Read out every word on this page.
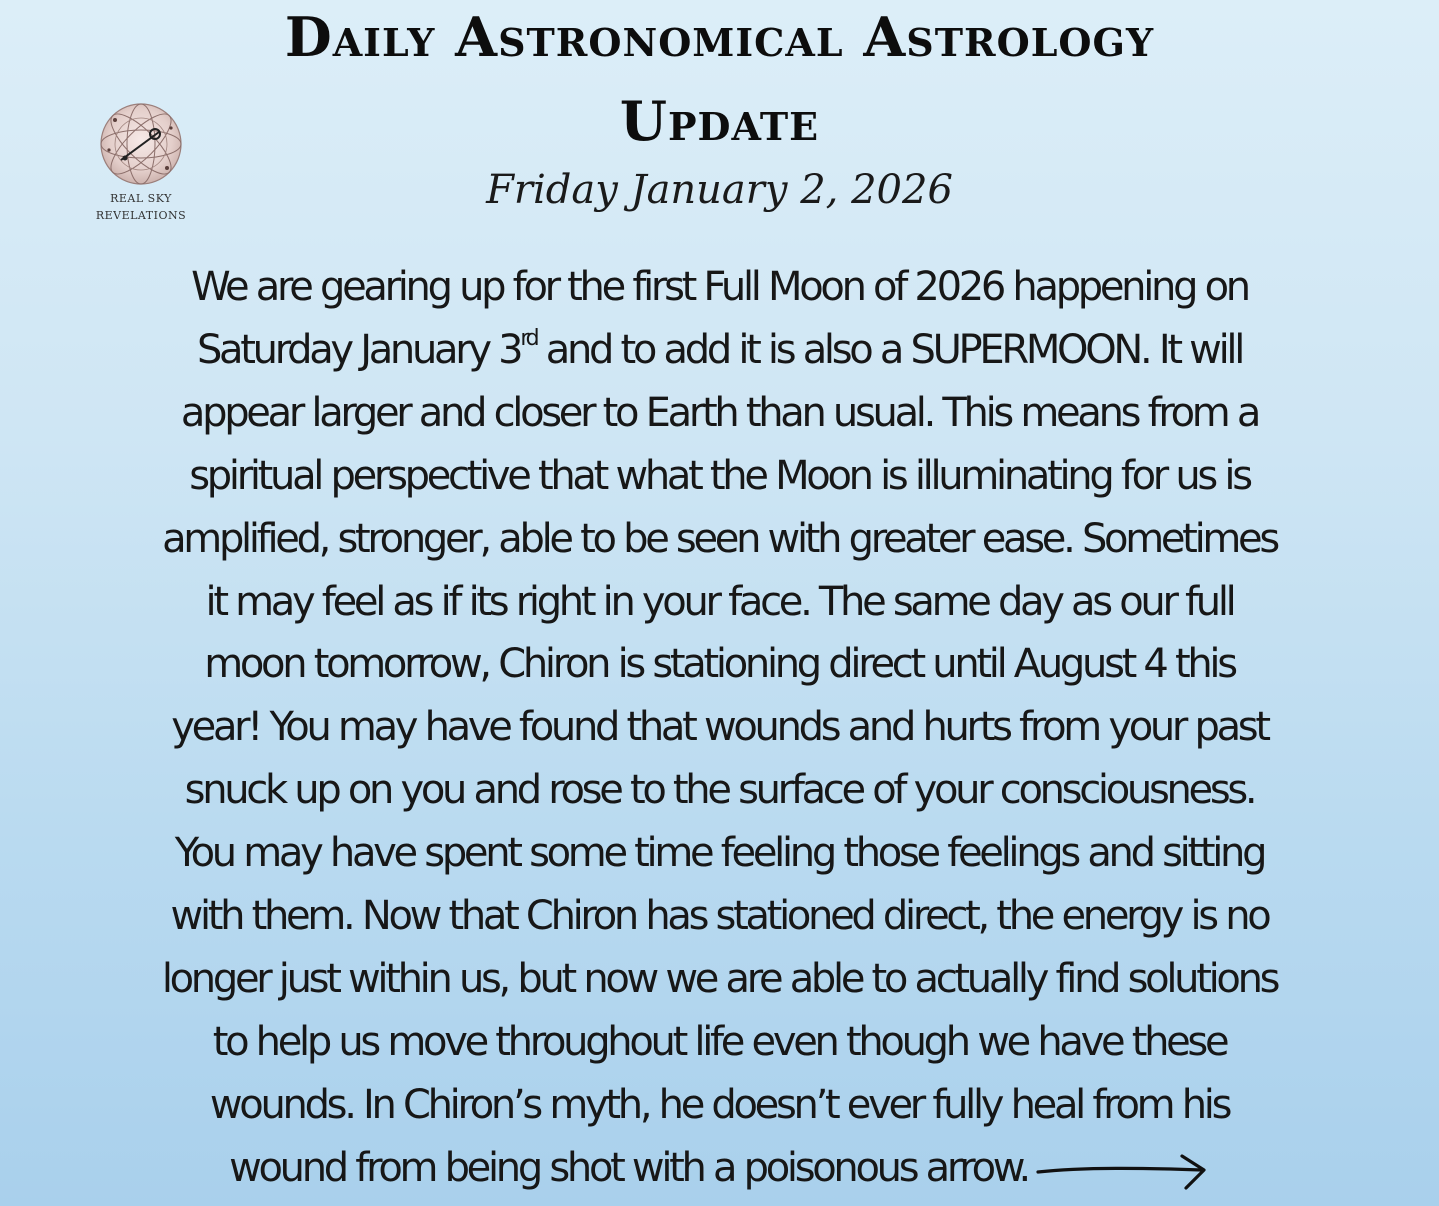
Daily Astronomical Astrology
Update
Friday January 2, 2026
REAL SKY
REVELATIONS
We are gearing up for the first Full Moon of 2026 happening on
Saturday January 3rd and to add it is also a SUPERMOON. It will
appear larger and closer to Earth than usual. This means from a
spiritual perspective that what the Moon is illuminating for us is
amplified, stronger, able to be seen with greater ease. Sometimes
it may feel as if its right in your face. The same day as our full
moon tomorrow, Chiron is stationing direct until August 4 this
year! You may have found that wounds and hurts from your past
snuck up on you and rose to the surface of your consciousness.
You may have spent some time feeling those feelings and sitting
with them. Now that Chiron has stationed direct, the energy is no
longer just within us, but now we are able to actually find solutions
to help us move throughout life even though we have these
wounds. In Chiron’s myth, he doesn’t ever fully heal from his
wound from being shot with a poisonous arrow.
